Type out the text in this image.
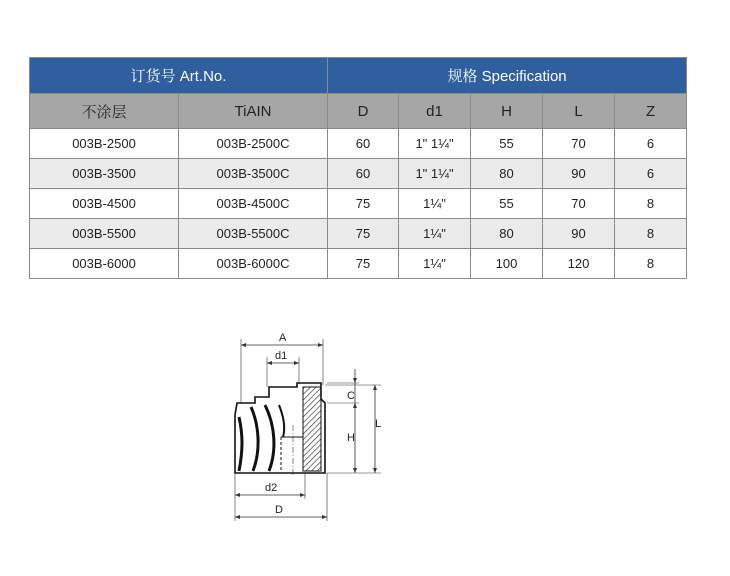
订货号 Art.No.		规格 Specification				
不涂层	TiAIN	D	d1	H	L	Z
003B-2500	003B-2500C	60	1" 1¼"	55	70	6
003B-3500	003B-3500C	60	1" 1¼"	80	90	6
003B-4500	003B-4500C	75	1¼"	55	70	8
003B-5500	003B-5500C	75	1¼"	80	90	8
003B-6000	003B-6000C	75	1¼"	100	120	8
A
d1
C
H
L
d2
D
